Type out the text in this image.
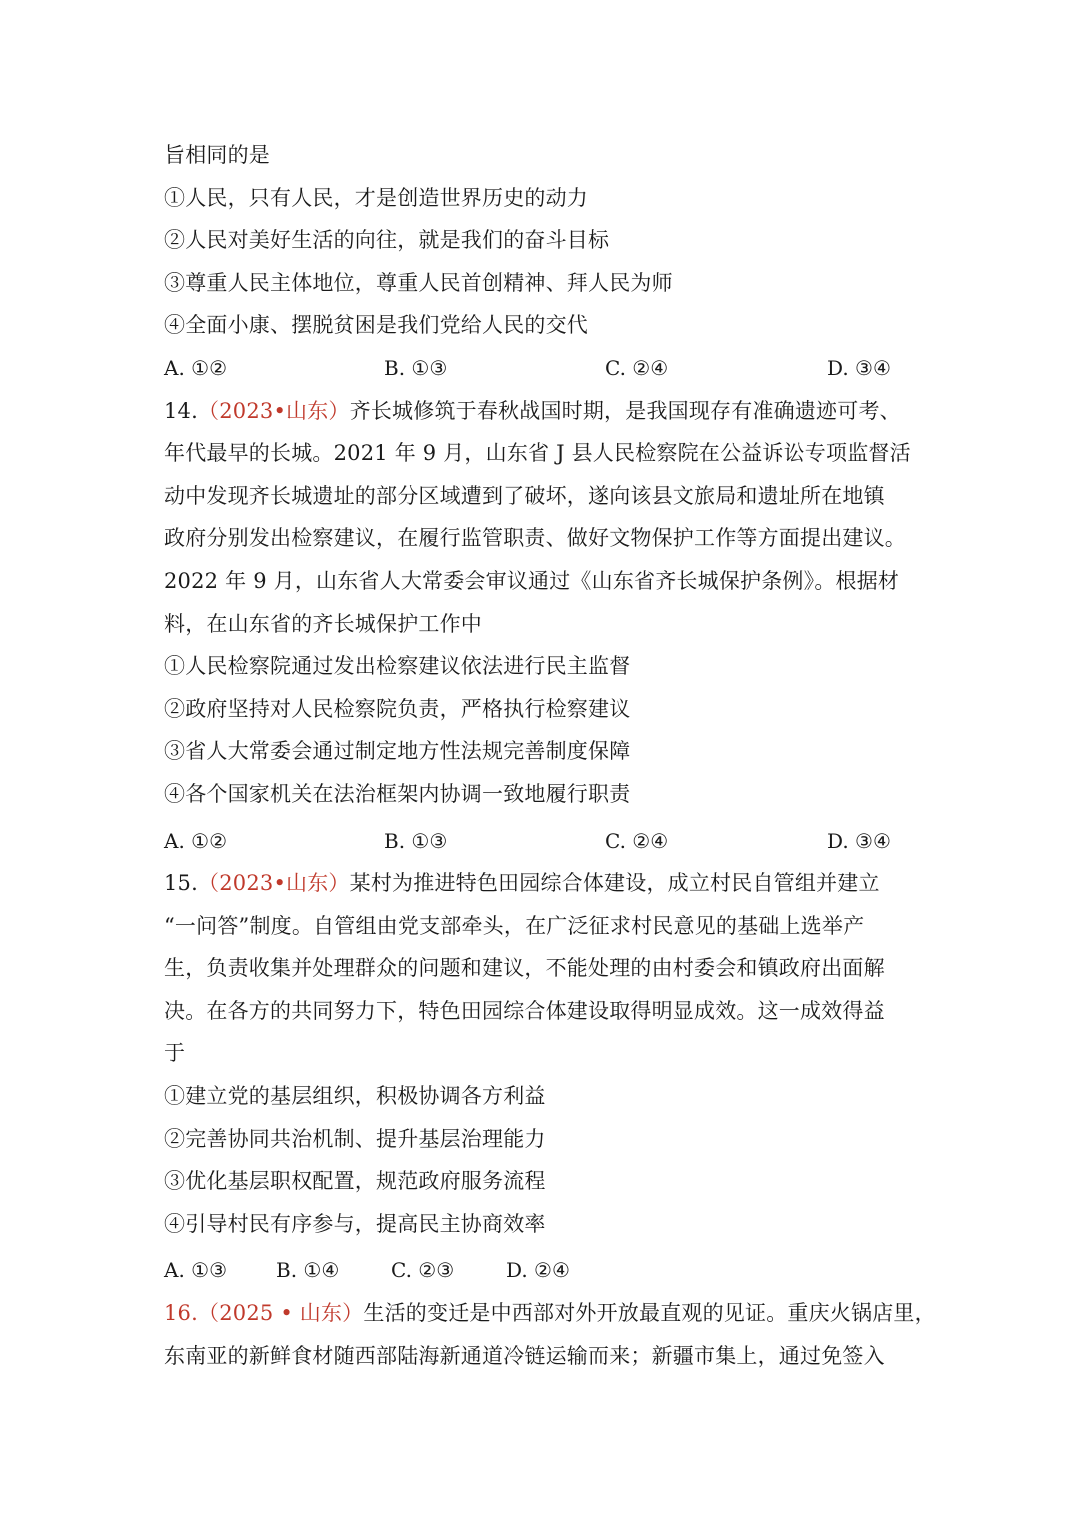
旨相同的是
①人民，只有人民，才是创造世界历史的动力
②人民对美好生活的向往，就是我们的奋斗目标
③尊重人民主体地位，尊重人民首创精神、拜人民为师
④全面小康、摆脱贫困是我们党给人民的交代
A. ①②	B. ①③	C. ②④	D. ③④
14.（2023•山东）齐长城修筑于春秋战国时期，是我国现存有准确遗迹可考、
年代最早的长城。2021 年 9 月，山东省 J 县人民检察院在公益诉讼专项监督活
动中发现齐长城遗址的部分区域遭到了破坏，遂向该县文旅局和遗址所在地镇
政府分别发出检察建议，在履行监管职责、做好文物保护工作等方面提出建议。
2022 年 9 月，山东省人大常委会审议通过《山东省齐长城保护条例》。根据材
料，在山东省的齐长城保护工作中
①人民检察院通过发出检察建议依法进行民主监督
②政府坚持对人民检察院负责，严格执行检察建议
③省人大常委会通过制定地方性法规完善制度保障
④各个国家机关在法治框架内协调一致地履行职责
A. ①②	B. ①③	C. ②④	D. ③④
15.（2023•山东）某村为推进特色田园综合体建设，成立村民自管组并建立
“一问答”制度。自管组由党支部牵头，在广泛征求村民意见的基础上选举产
生，负责收集并处理群众的问题和建议，不能处理的由村委会和镇政府出面解
决。在各方的共同努力下，特色田园综合体建设取得明显成效。这一成效得益
于
①建立党的基层组织，积极协调各方利益
②完善协同共治机制、提升基层治理能力
③优化基层职权配置，规范政府服务流程
④引导村民有序参与，提高民主协商效率
A. ①③ B. ①④	C. ②③	D. ②④
16.（2025 • 山东）生活的变迁是中西部对外开放最直观的见证。重庆火锅店里，
东南亚的新鲜食材随西部陆海新通道冷链运输而来；新疆市集上，通过免签入
